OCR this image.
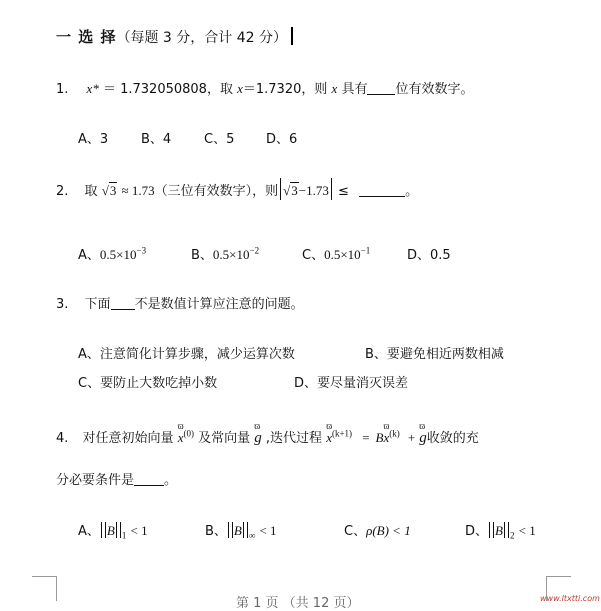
一 选 择（每题 3 分，合计 42 分）
1. x* ＝ 1.732050808，取 x＝1.7320，则 x 具有 位有效数字。
A、3	B、4	C、5 D、6
2. 取 √3 ≈ 1.73（三位有效数字），则 √3−1.73 ≤	。
A、$0.5\times 10^{-3}$	B、$0.5\times 10^{-2}$	C、$0.5\times 10^{-1}$	D、0.5
3. 下面 不是数值计算应注意的问题。
A、注意简化计算步骤，减少运算次数	B、要避免相近两数相减
C、要防止大数吃掉小数	D、要尽量消灭误差
4. 对任意初始向量
ϖ
$x^{(0)}$ 及常向量
ϖ
g ,迭代过程
ϖ
$x^{(k+1)} = B$
ϖ
$x^{(k)}$ +
ϖ
g收敛的充
分必要条件是 。
A、 B $_1$ < 1	B、 B $_\infty$ < 1	C、ρ(B) < 1	D、 B $_2$ < 1
第 1 页 （共 12 页）	www.ltxtti.com
